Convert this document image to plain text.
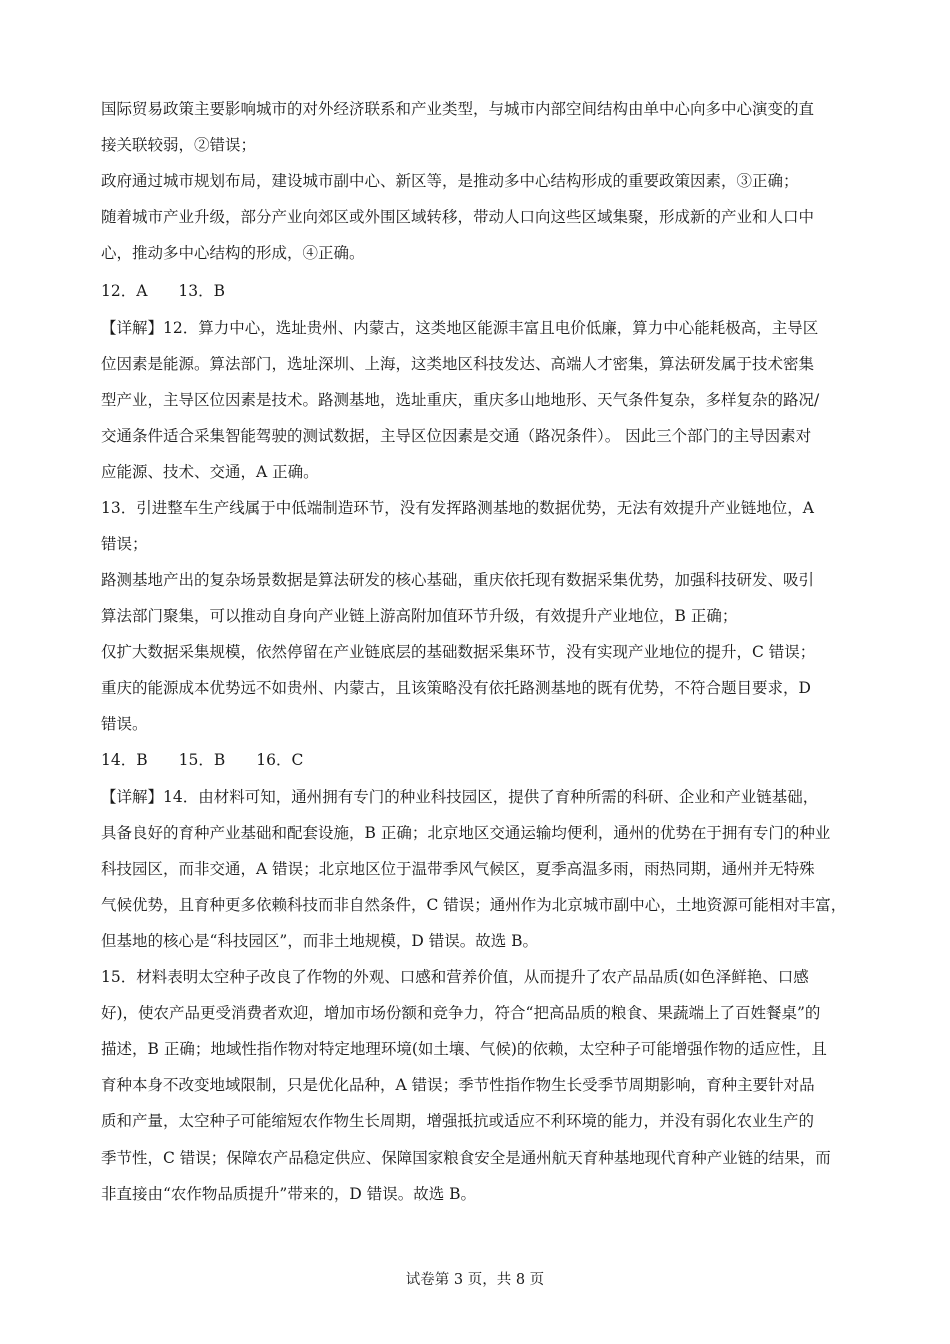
国际贸易政策主要影响城市的对外经济联系和产业类型，与城市内部空间结构由单中心向多中心演变的直
接关联较弱，②错误；
政府通过城市规划布局，建设城市副中心、新区等，是推动多中心结构形成的重要政策因素，③正确；
随着城市产业升级，部分产业向郊区或外围区域转移，带动人口向这些区域集聚，形成新的产业和人口中
心，推动多中心结构的形成，④正确。
12．A　　13．B
【详解】12．算力中心，选址贵州、内蒙古，这类地区能源丰富且电价低廉，算力中心能耗极高，主导区
位因素是能源。算法部门，选址深圳、上海，这类地区科技发达、高端人才密集，算法研发属于技术密集
型产业，主导区位因素是技术。路测基地，选址重庆，重庆多山地地形、天气条件复杂，多样复杂的路况/
交通条件适合采集智能驾驶的测试数据，主导区位因素是交通（路况条件）。 因此三个部门的主导因素对
应能源、技术、交通，A 正确。
13．引进整车生产线属于中低端制造环节，没有发挥路测基地的数据优势，无法有效提升产业链地位，A
错误；
路测基地产出的复杂场景数据是算法研发的核心基础，重庆依托现有数据采集优势，加强科技研发、吸引
算法部门聚集，可以推动自身向产业链上游高附加值环节升级，有效提升产业地位，B 正确；
仅扩大数据采集规模，依然停留在产业链底层的基础数据采集环节，没有实现产业地位的提升，C 错误；
重庆的能源成本优势远不如贵州、内蒙古，且该策略没有依托路测基地的既有优势，不符合题目要求，D
错误。
14．B　　15．B　　16．C
【详解】14．由材料可知，通州拥有专门的种业科技园区，提供了育种所需的科研、企业和产业链基础，
具备良好的育种产业基础和配套设施，B 正确；北京地区交通运输均便利，通州的优势在于拥有专门的种业
科技园区，而非交通，A 错误；北京地区位于温带季风气候区，夏季高温多雨，雨热同期，通州并无特殊
气候优势，且育种更多依赖科技而非自然条件，C 错误；通州作为北京城市副中心，土地资源可能相对丰富，
但基地的核心是“科技园区”，而非土地规模，D 错误。故选 B。
15．材料表明太空种子改良了作物的外观、口感和营养价值，从而提升了农产品品质(如色泽鲜艳、口感
好)，使农产品更受消费者欢迎，增加市场份额和竞争力，符合“把高品质的粮食、果蔬端上了百姓餐桌”的
描述，B 正确；地域性指作物对特定地理环境(如土壤、气候)的依赖，太空种子可能增强作物的适应性，且
育种本身不改变地域限制，只是优化品种，A 错误；季节性指作物生长受季节周期影响，育种主要针对品
质和产量，太空种子可能缩短农作物生长周期，增强抵抗或适应不利环境的能力，并没有弱化农业生产的
季节性，C 错误；保障农产品稳定供应、保障国家粮食安全是通州航天育种基地现代育种产业链的结果，而
非直接由“农作物品质提升”带来的，D 错误。故选 B。
试卷第 3 页，共 8 页
